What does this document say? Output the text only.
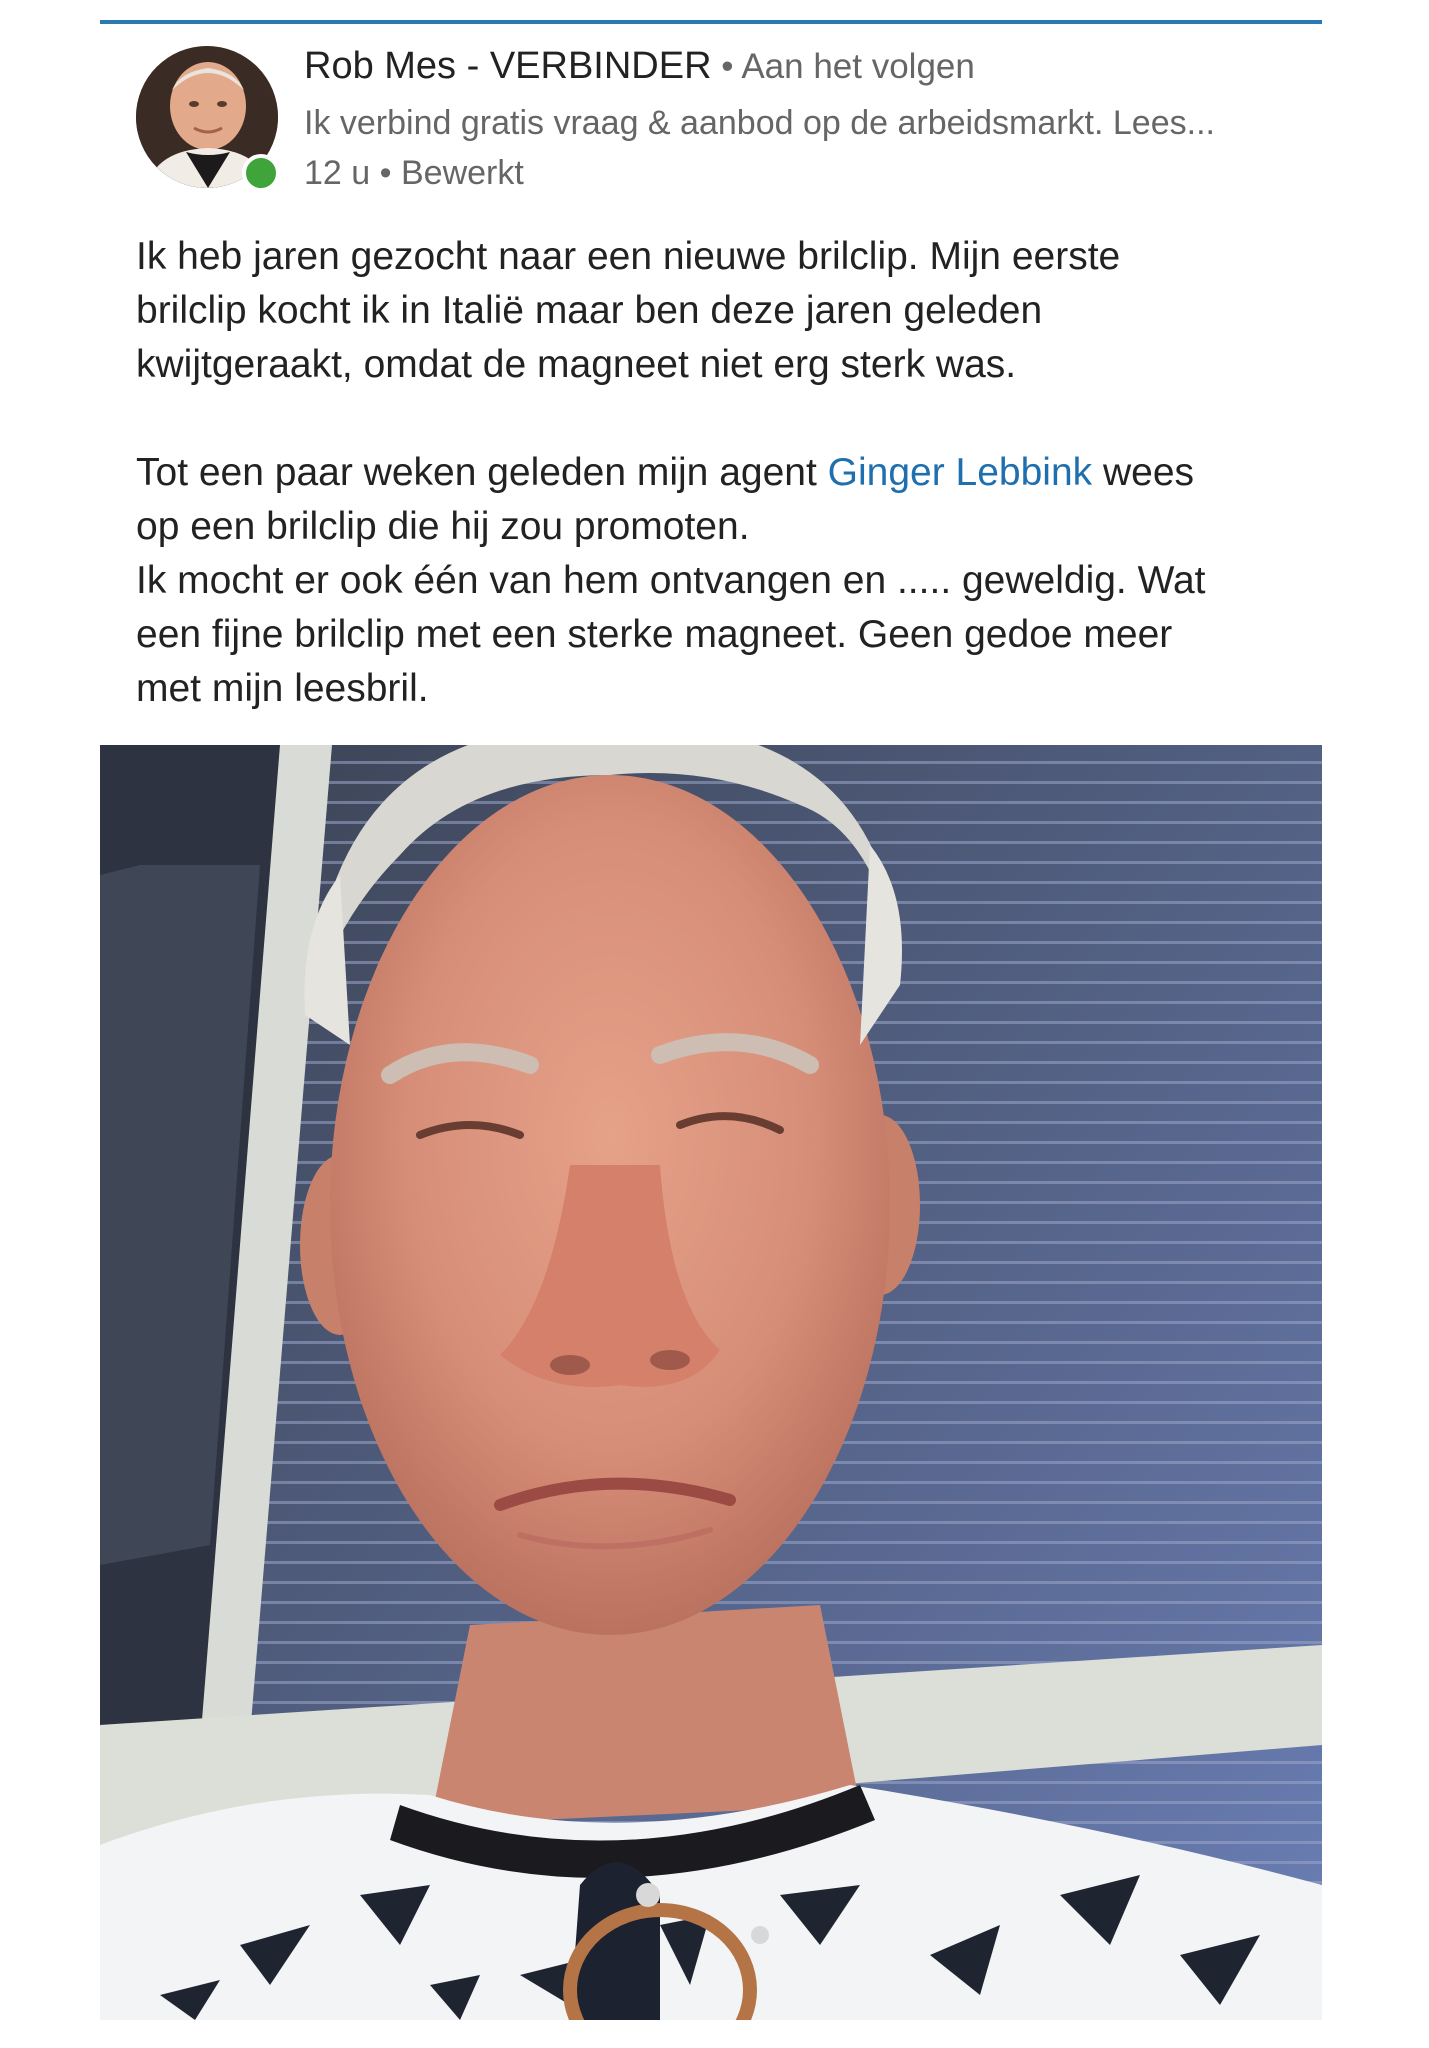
Rob Mes - VERBINDER • Aan het volgen
Ik verbind gratis vraag & aanbod op de arbeidsmarkt. Lees...
12 u • Bewerkt

Ik heb jaren gezocht naar een nieuwe brilclip. Mijn eerste

brilclip kocht ik in Italië maar ben deze jaren geleden

kwijtgeraakt, omdat de magneet niet erg sterk was.

Tot een paar weken geleden mijn agent Ginger Lebbink wees

op een brilclip die hij zou promoten.

Ik mocht er ook één van hem ontvangen en ..... geweldig. Wat

een fijne brilclip met een sterke magneet. Geen gedoe meer

met mijn leesbril.
